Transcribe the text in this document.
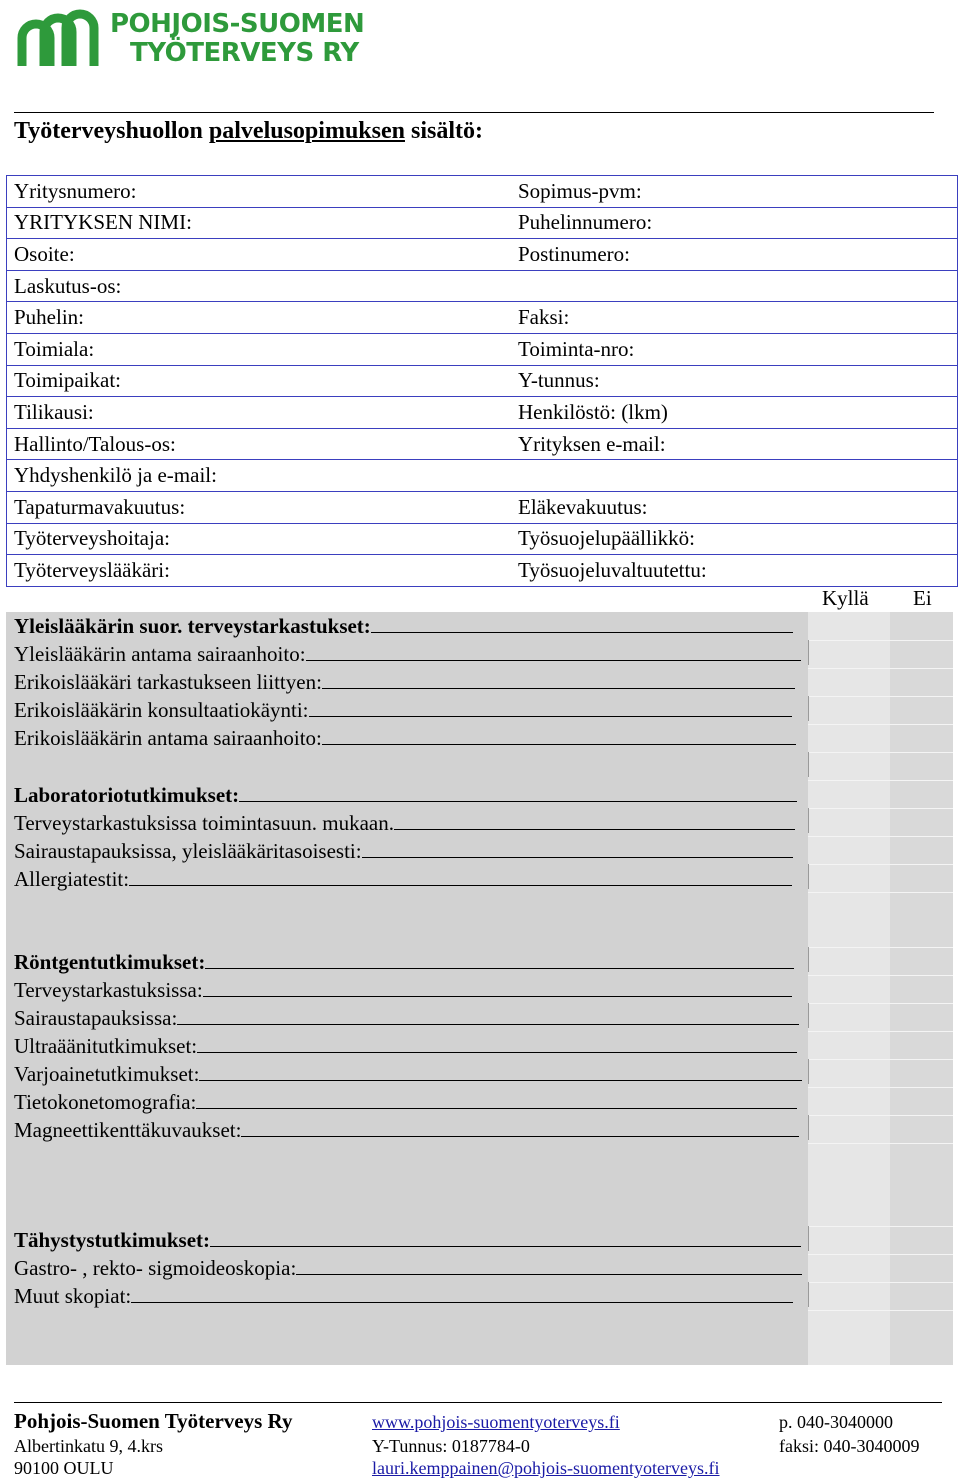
POHJOIS-SUOMEN
TYÖTERVEYS RY
Työterveyshuollon palvelusopimuksen sisältö:
Yritysnumero:	Sopimus-pvm:
YRITYKSEN NIMI:	Puhelinnumero:
Osoite:	Postinumero:
Laskutus-os:	
Puhelin:	Faksi:
Toimiala:	Toiminta-nro:
Toimipaikat:	Y-tunnus:
Tilikausi:	Henkilöstö: (lkm)
Hallinto/Talous-os:	Yrityksen e-mail:
Yhdyshenkilö ja e-mail:	
Tapaturmavakuutus:	Eläkevakuutus:
Työterveyshoitaja:	Työsuojelupäällikkö:
Työterveyslääkäri:	Työsuojeluvaltuutettu:
Kyllä Ei
Yleislääkärin suor. terveystarkastukset:
Yleislääkärin antama sairaanhoito:
Erikoislääkäri tarkastukseen liittyen:
Erikoislääkärin konsultaatiokäynti:
Erikoislääkärin antama sairaanhoito:
Laboratoriotutkimukset:
Terveystarkastuksissa toimintasuun. mukaan.
Sairaustapauksissa, yleislääkäritasoisesti:
Allergiatestit:
Röntgentutkimukset:
Terveystarkastuksissa:
Sairaustapauksissa:
Ultraäänitutkimukset:
Varjoainetutkimukset:
Tietokonetomografia:
Magneettikenttäkuvaukset:
Tähystystutkimukset:
Gastro- , rekto- sigmoideoskopia:
Muut skopiat:
Pohjois-Suomen Työterveys Ry
Albertinkatu 9, 4.krs
90100 OULU
www.pohjois-suomentyoterveys.fi
Y-Tunnus: 0187784-0
lauri.kemppainen@pohjois-suomentyoterveys.fi
p. 040-3040000
faksi: 040-3040009
